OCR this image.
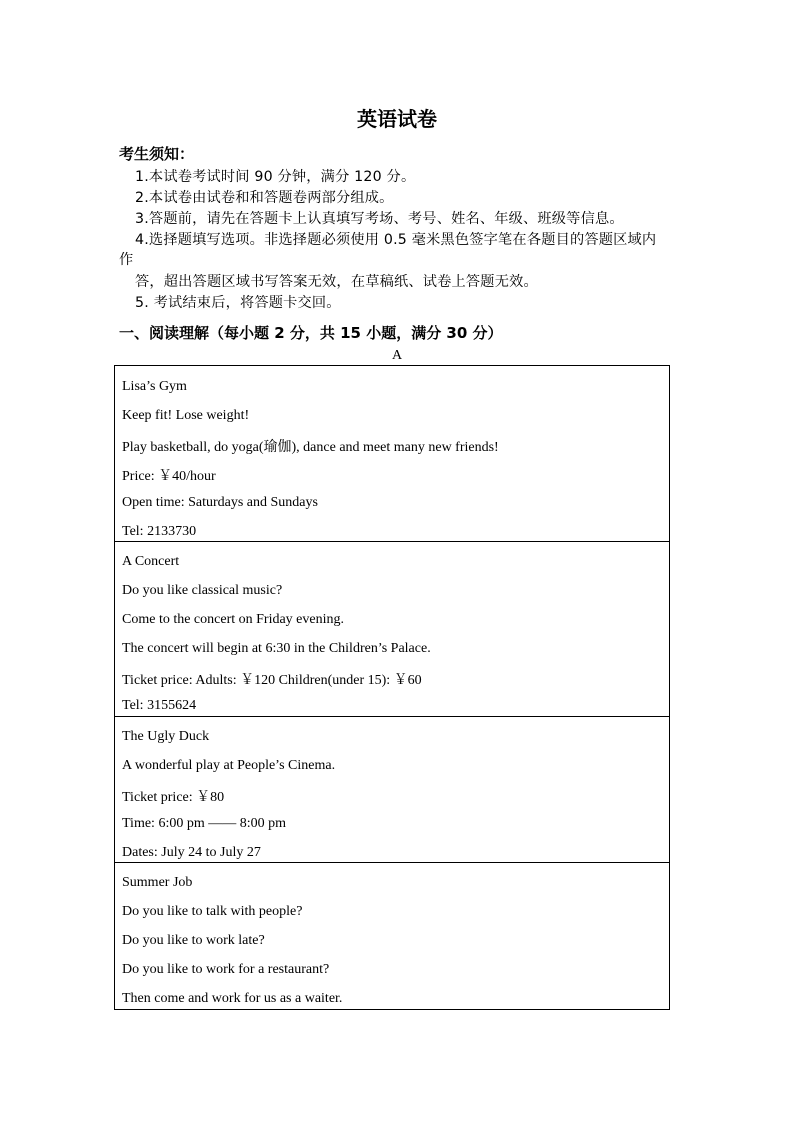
英语试卷
考生须知：
1.本试卷考试时间 90 分钟，满分 120 分。
2.本试卷由试卷和和答题卷两部分组成。
3.答题前，请先在答题卡上认真填写考场、考号、姓名、年级、班级等信息。
4.选择题填写选项。非选择题必须使用 0.5 毫米黑色签字笔在各题目的答题区域内
作
答，超出答题区域书写答案无效，在草稿纸、试卷上答题无效。
5. 考试结束后，将答题卡交回。
一、阅读理解（每小题 2 分，共 15 小题，满分 30 分）
A
Lisa’s Gym
Keep fit! Lose weight!
Play basketball, do yoga(瑜伽), dance and meet many new friends!
Price: ￥40/hour
Open time: Saturdays and Sundays
Tel: 2133730
A Concert
Do you like classical music?
Come to the concert on Friday evening.
The concert will begin at 6:30 in the Children’s Palace.
Ticket price: Adults: ￥120 Children(under 15): ￥60
Tel: 3155624
The Ugly Duck
A wonderful play at People’s Cinema.
Ticket price: ￥80
Time: 6:00 pm —— 8:00 pm
Dates: July 24 to July 27
Summer Job
Do you like to talk with people?
Do you like to work late?
Do you like to work for a restaurant?
Then come and work for us as a waiter.
